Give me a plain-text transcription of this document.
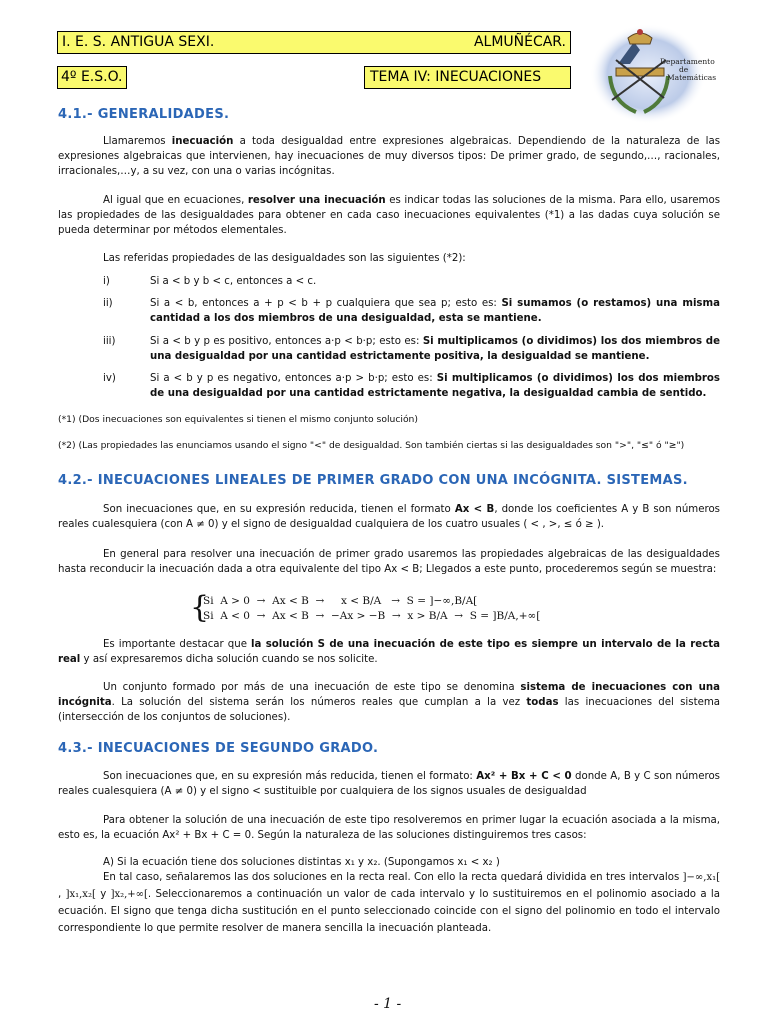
I. E. S. ANTIGUA SEXI.	ALMUÑÉCAR.
4º E.S.O.	TEMA IV: INECUACIONES
Departamento
de
Matemáticas
4.1.- GENERALIDADES.
Llamaremos inecuación a toda desigualdad entre expresiones algebraicas. Dependiendo de la naturaleza de las expresiones algebraicas que intervienen, hay inecuaciones de muy diversos tipos: De primer grado, de segundo,…, racionales, irracionales,…y, a su vez, con una o varias incógnitas.
Al igual que en ecuaciones, resolver una inecuación es indicar todas las soluciones de la misma. Para ello, usaremos las propiedades de las desigualdades para obtener en cada caso inecuaciones equivalentes (*1) a las dadas cuya solución se pueda determinar por métodos elementales.
Las referidas propiedades de las desigualdades son las siguientes (*2):
i)	Si a < b y b < c, entonces a < c.
ii)	Si a < b, entonces a + p < b + p cualquiera que sea p; esto es: Si sumamos (o restamos) una misma cantidad a los dos miembros de una desigualdad, esta se mantiene.
iii)	Si a < b y p es positivo, entonces a·p < b·p; esto es: Si multiplicamos (o dividimos) los dos miembros de una desigualdad por una cantidad estrictamente positiva, la desigualdad se mantiene.
iv)	Si a < b y p es negativo, entonces a·p > b·p; esto es: Si multiplicamos (o dividimos) los dos miembros de una desigualdad por una cantidad estrictamente negativa, la desigualdad cambia de sentido.
(*1) (Dos inecuaciones son equivalentes si tienen el mismo conjunto solución)
(*2) (Las propiedades las enunciamos usando el signo "<" de desigualdad. Son también ciertas si las desigualdades son ">", "≤" ó "≥")
4.2.- INECUACIONES LINEALES DE PRIMER GRADO CON UNA INCÓGNITA. SISTEMAS.
Son inecuaciones que, en su expresión reducida, tienen el formato Ax < B, donde los coeficientes A y B son números reales cualesquiera (con A ≠ 0) y el signo de desigualdad cualquiera de los cuatro usuales ( < , >, ≤ ó ≥ ).
En general para resolver una inecuación de primer grado usaremos las propiedades algebraicas de las desigualdades hasta reconducir la inecuación dada a otra equivalente del tipo Ax < B; Llegados a este punto, procederemos según se muestra:
{
Si  A > 0  →  Ax < B  →     x < B/A   →  S = ]−∞,B/A[
Si  A < 0  →  Ax < B  →  −Ax > −B  →  x > B/A  →  S = ]B/A,+∞[
Es importante destacar que la solución S de una inecuación de este tipo es siempre un intervalo de la recta real y así expresaremos dicha solución cuando se nos solicite.
Un conjunto formado por más de una inecuación de este tipo se denomina sistema de inecuaciones con una incógnita. La solución del sistema serán los números reales que cumplan a la vez todas las inecuaciones del sistema (intersección de los conjuntos de soluciones).
4.3.- INECUACIONES DE SEGUNDO GRADO.
Son inecuaciones que, en su expresión más reducida, tienen el formato: Ax² + Bx + C < 0 donde A, B y C son números reales cualesquiera (A ≠ 0) y el signo < sustituible por cualquiera de los signos usuales de desigualdad
Para obtener la solución de una inecuación de este tipo resolveremos en primer lugar la ecuación asociada a la misma, esto es, la ecuación Ax² + Bx + C = 0. Según la naturaleza de las soluciones distinguiremos tres casos:
A) Si la ecuación tiene dos soluciones distintas x₁ y x₂. (Supongamos x₁ < x₂ )
En tal caso, señalaremos las dos soluciones en la recta real. Con ello la recta quedará dividida en tres intervalos ]−∞,x₁[ , ]x₁,x₂[ y ]x₂,+∞[. Seleccionaremos a continuación un valor de cada intervalo y lo sustituiremos en el polinomio asociado a la ecuación. El signo que tenga dicha sustitución en el punto seleccionado coincide con el signo del polinomio en todo el intervalo correspondiente lo que permite resolver de manera sencilla la inecuación planteada.
- 1 -
